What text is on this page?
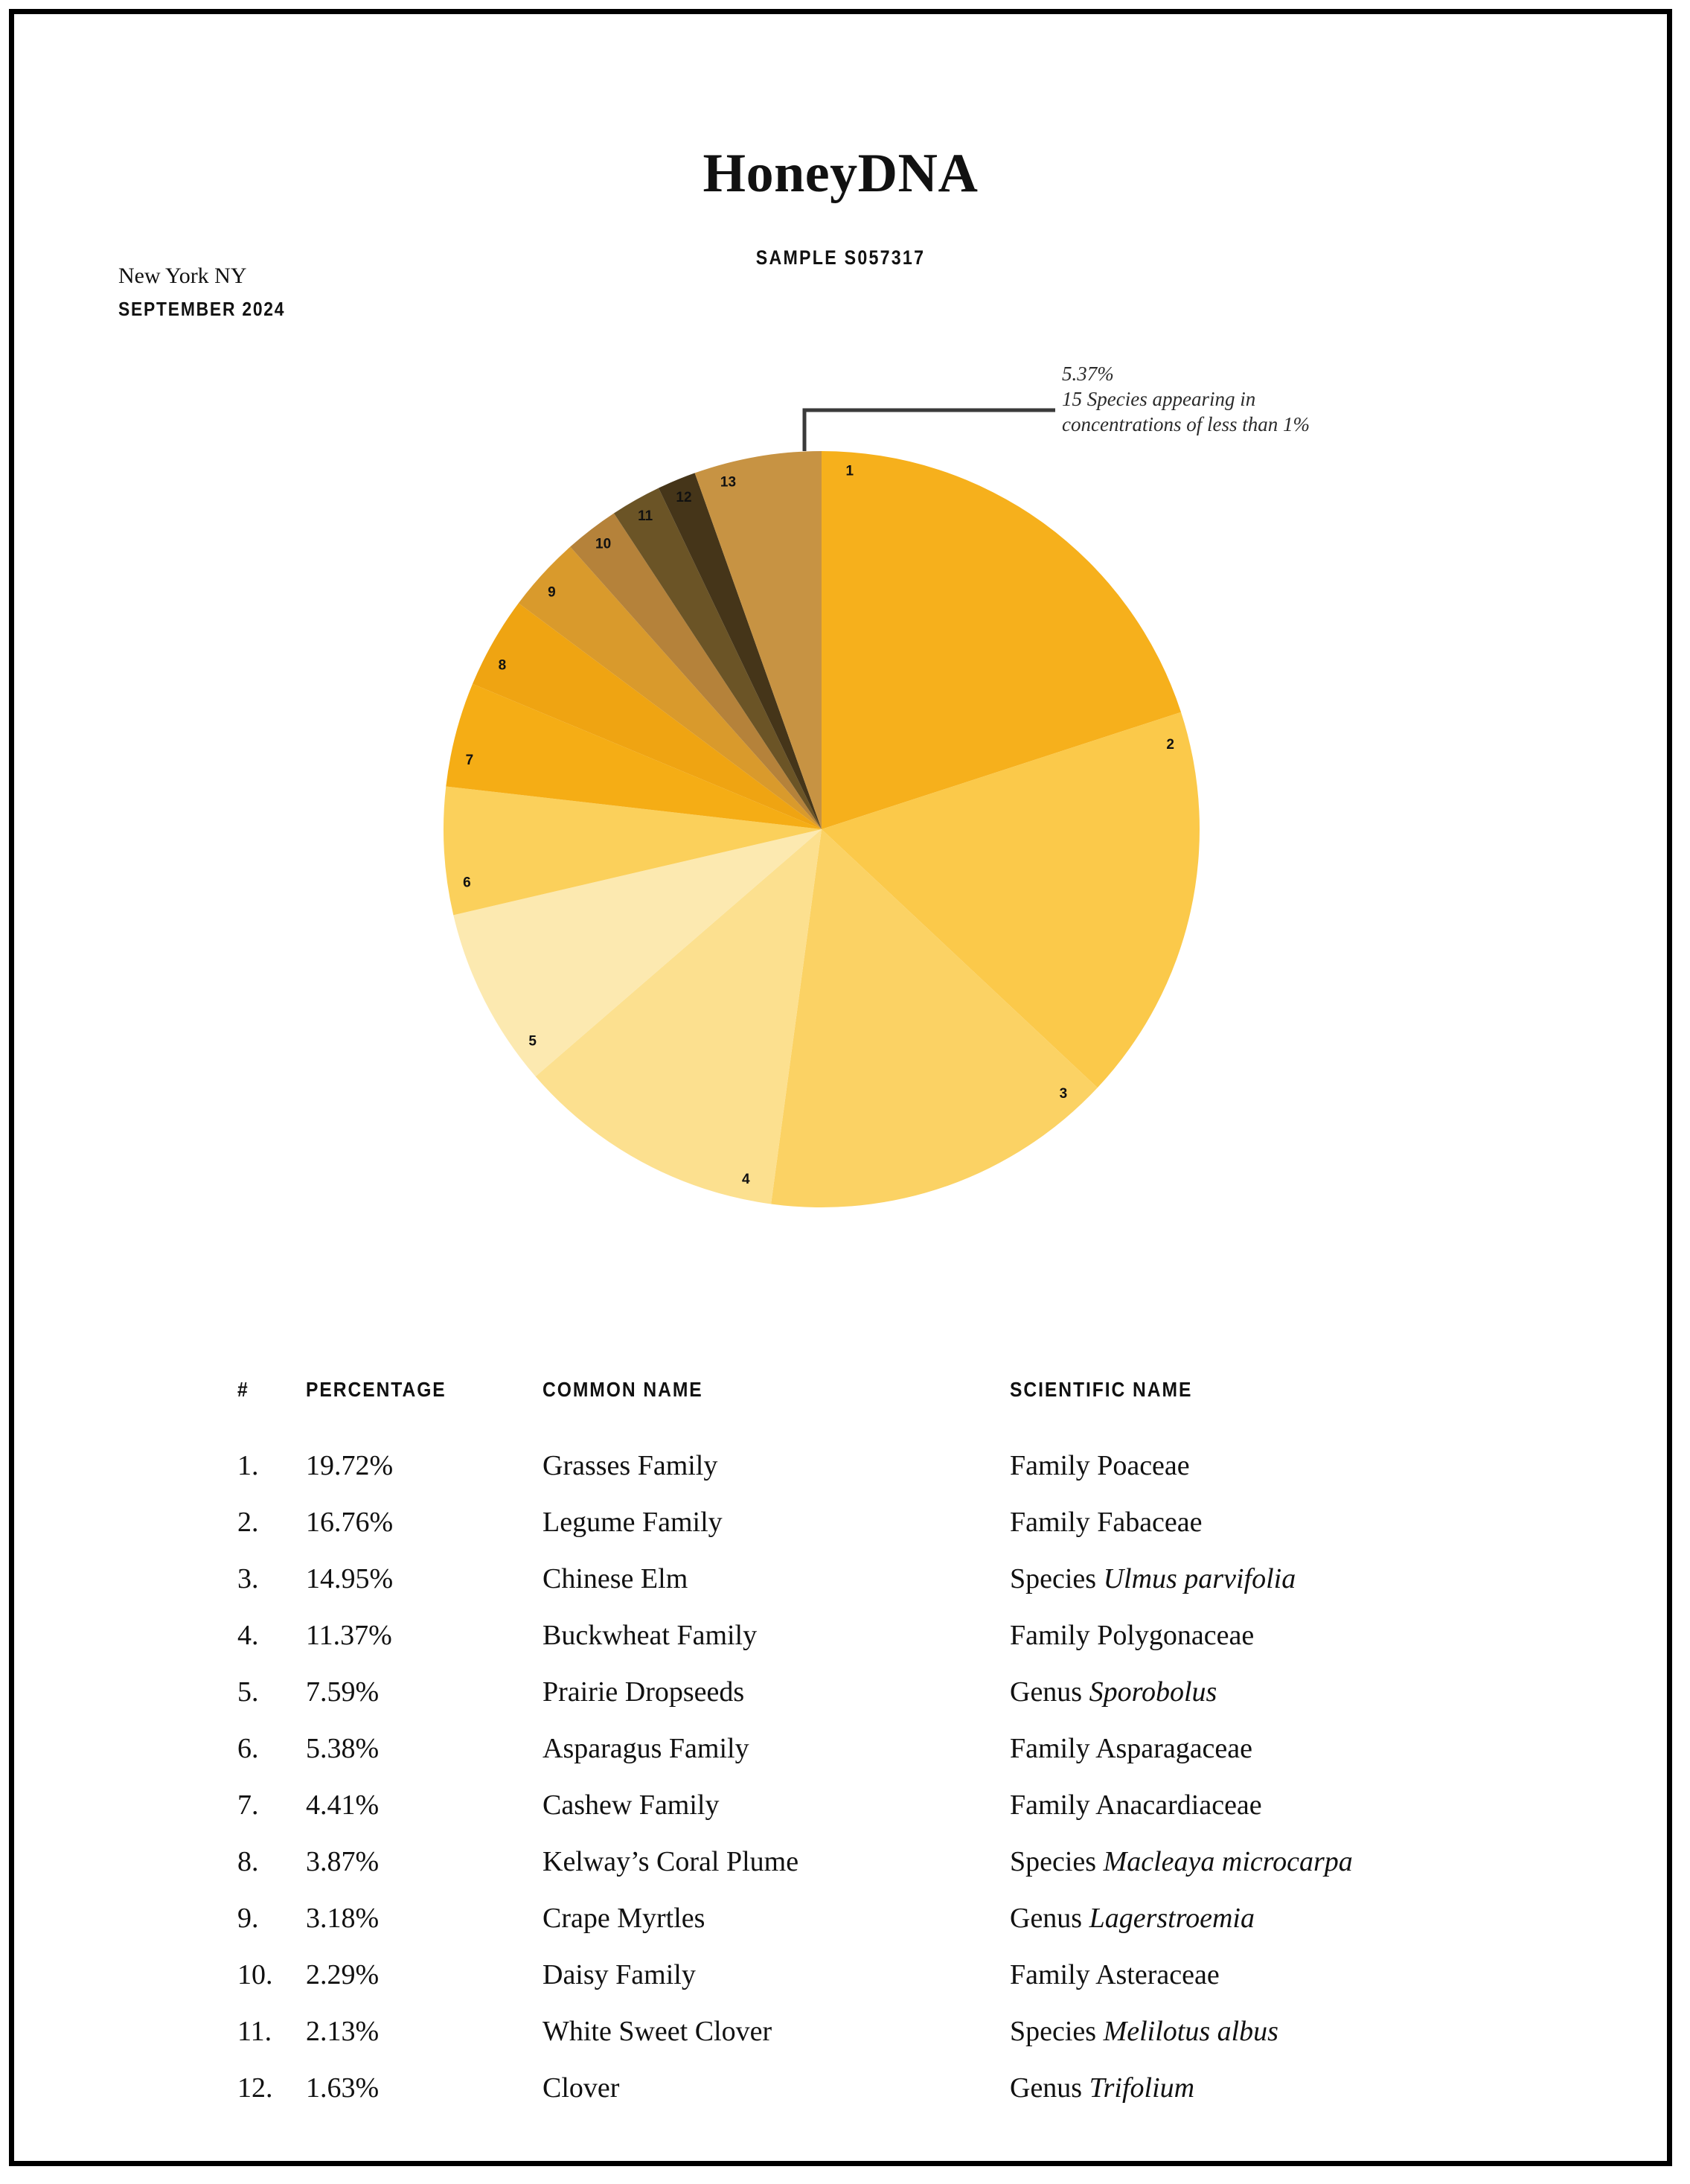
HoneyDNA
SAMPLE S057317
New York NY
SEPTEMBER 2024
5.37%
15 Species appearing in
concentrations of less than 1%
1
2
3
4
5
6
7
8
9
10
11
12
13
#	PERCENTAGE	COMMON NAME	SCIENTIFIC NAME
1.	19.72%	Grasses Family	Family Poaceae
2.	16.76%	Legume Family	Family Fabaceae
3.	14.95%	Chinese Elm	Species Ulmus parvifolia
4.	11.37%	Buckwheat Family	Family Polygonaceae
5.	7.59%	Prairie Dropseeds	Genus Sporobolus
6.	5.38%	Asparagus Family	Family Asparagaceae
7.	4.41%	Cashew Family	Family Anacardiaceae
8.	3.87%	Kelway’s Coral Plume	Species Macleaya microcarpa
9.	3.18%	Crape Myrtles	Genus Lagerstroemia
10.	2.29%	Daisy Family	Family Asteraceae
11.	2.13%	White Sweet Clover	Species Melilotus albus
12.	1.63%	Clover	Genus Trifolium
